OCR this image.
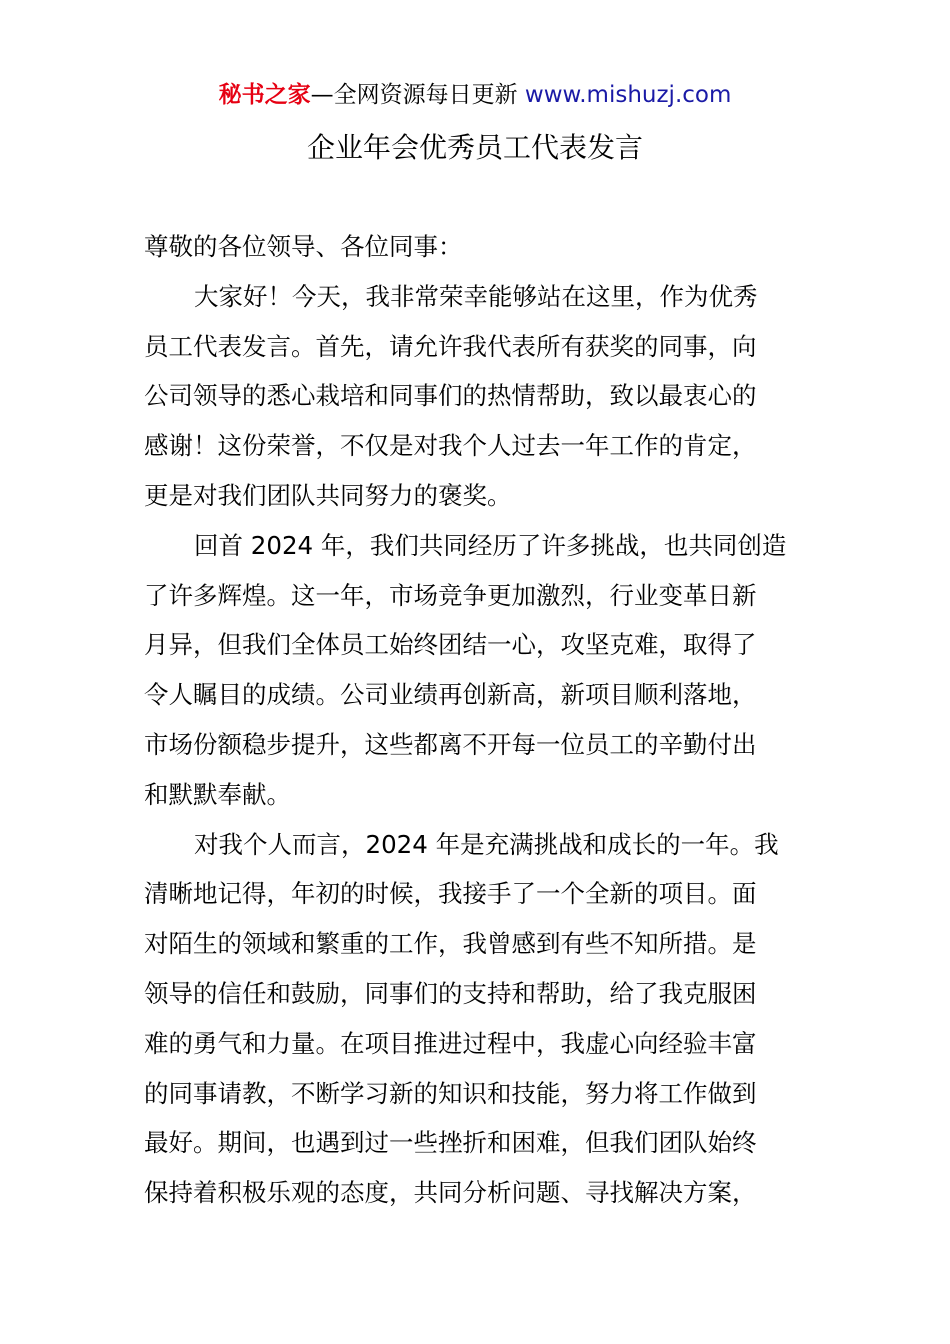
秘书之家—全网资源每日更新 www.mishuzj.com
企业年会优秀员工代表发言
尊敬的各位领导、各位同事：
大家好！今天，我非常荣幸能够站在这里，作为优秀
员工代表发言。首先，请允许我代表所有获奖的同事，向
公司领导的悉心栽培和同事们的热情帮助，致以最衷心的
感谢！这份荣誉，不仅是对我个人过去一年工作的肯定，
更是对我们团队共同努力的褒奖。
回首 2024 年，我们共同经历了许多挑战，也共同创造
了许多辉煌。这一年，市场竞争更加激烈，行业变革日新
月异，但我们全体员工始终团结一心，攻坚克难，取得了
令人瞩目的成绩。公司业绩再创新高，新项目顺利落地，
市场份额稳步提升，这些都离不开每一位员工的辛勤付出
和默默奉献。
对我个人而言，2024 年是充满挑战和成长的一年。我
清晰地记得，年初的时候，我接手了一个全新的项目。面
对陌生的领域和繁重的工作，我曾感到有些不知所措。是
领导的信任和鼓励，同事们的支持和帮助，给了我克服困
难的勇气和力量。在项目推进过程中，我虚心向经验丰富
的同事请教，不断学习新的知识和技能，努力将工作做到
最好。期间，也遇到过一些挫折和困难，但我们团队始终
保持着积极乐观的态度，共同分析问题、寻找解决方案，
